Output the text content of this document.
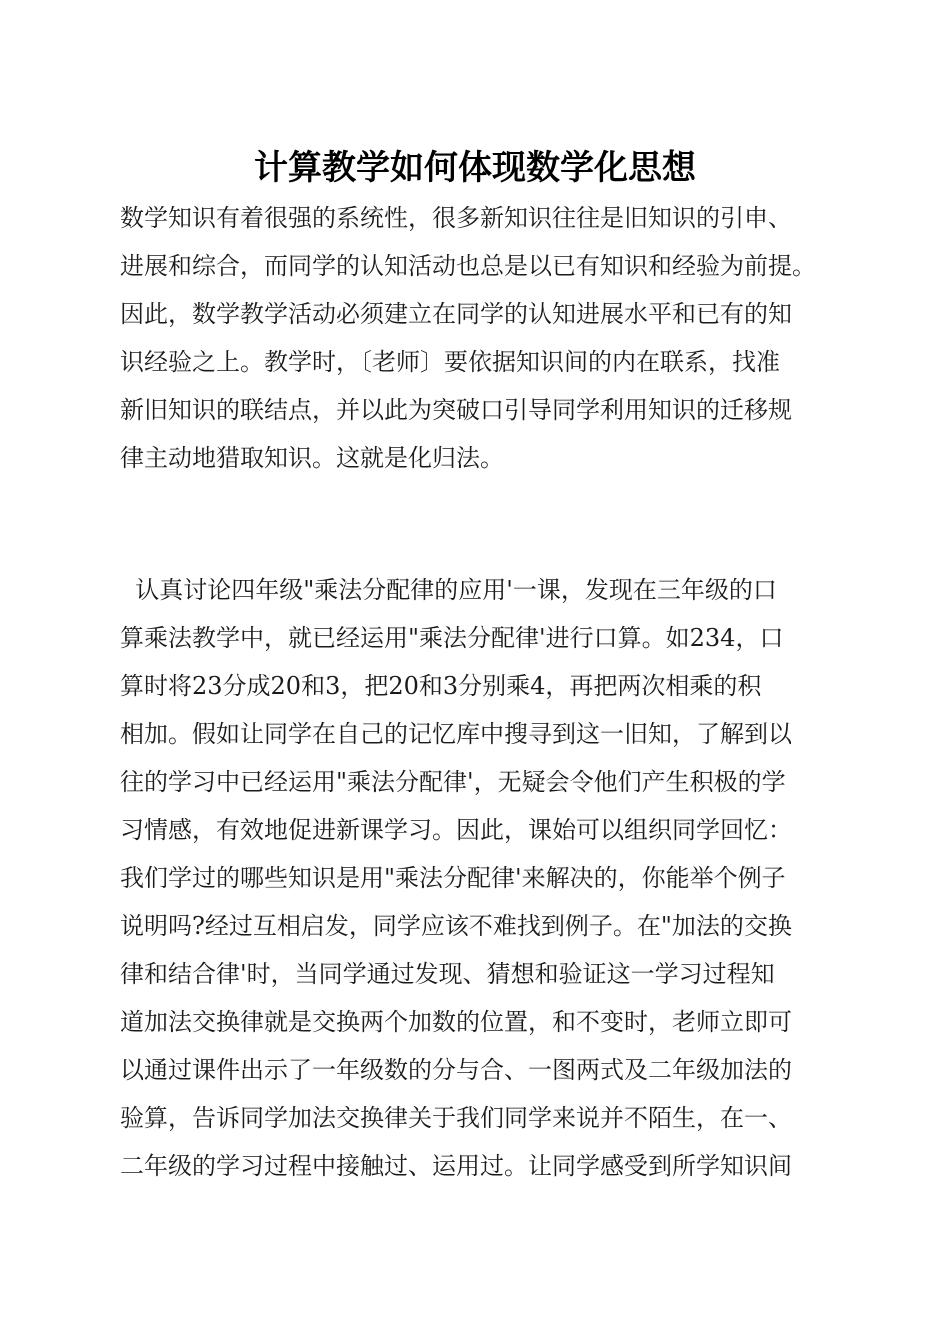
计算教学如何体现数学化思想
数学知识有着很强的系统性，很多新知识往往是旧知识的引申、
进展和综合，而同学的认知活动也总是以已有知识和经验为前提。
因此，数学教学活动必须建立在同学的认知进展水平和已有的知
识经验之上。教学时，〔老师〕要依据知识间的内在联系，找准
新旧知识的联结点，并以此为突破口引导同学利用知识的迁移规
律主动地猎取知识。这就是化归法。
认真讨论四年级"乘法分配律的应用'一课，发现在三年级的口
算乘法教学中，就已经运用"乘法分配律'进行口算。如234，口
算时将23分成20和3，把20和3分别乘4，再把两次相乘的积
相加。假如让同学在自己的记忆库中搜寻到这一旧知，了解到以
往的学习中已经运用"乘法分配律'，无疑会令他们产生积极的学
习情感，有效地促进新课学习。因此，课始可以组织同学回忆：
我们学过的哪些知识是用"乘法分配律'来解决的，你能举个例子
说明吗?经过互相启发，同学应该不难找到例子。在"加法的交换
律和结合律'时，当同学通过发现、猜想和验证这一学习过程知
道加法交换律就是交换两个加数的位置，和不变时，老师立即可
以通过课件出示了一年级数的分与合、一图两式及二年级加法的
验算，告诉同学加法交换律关于我们同学来说并不陌生，在一、
二年级的学习过程中接触过、运用过。让同学感受到所学知识间
